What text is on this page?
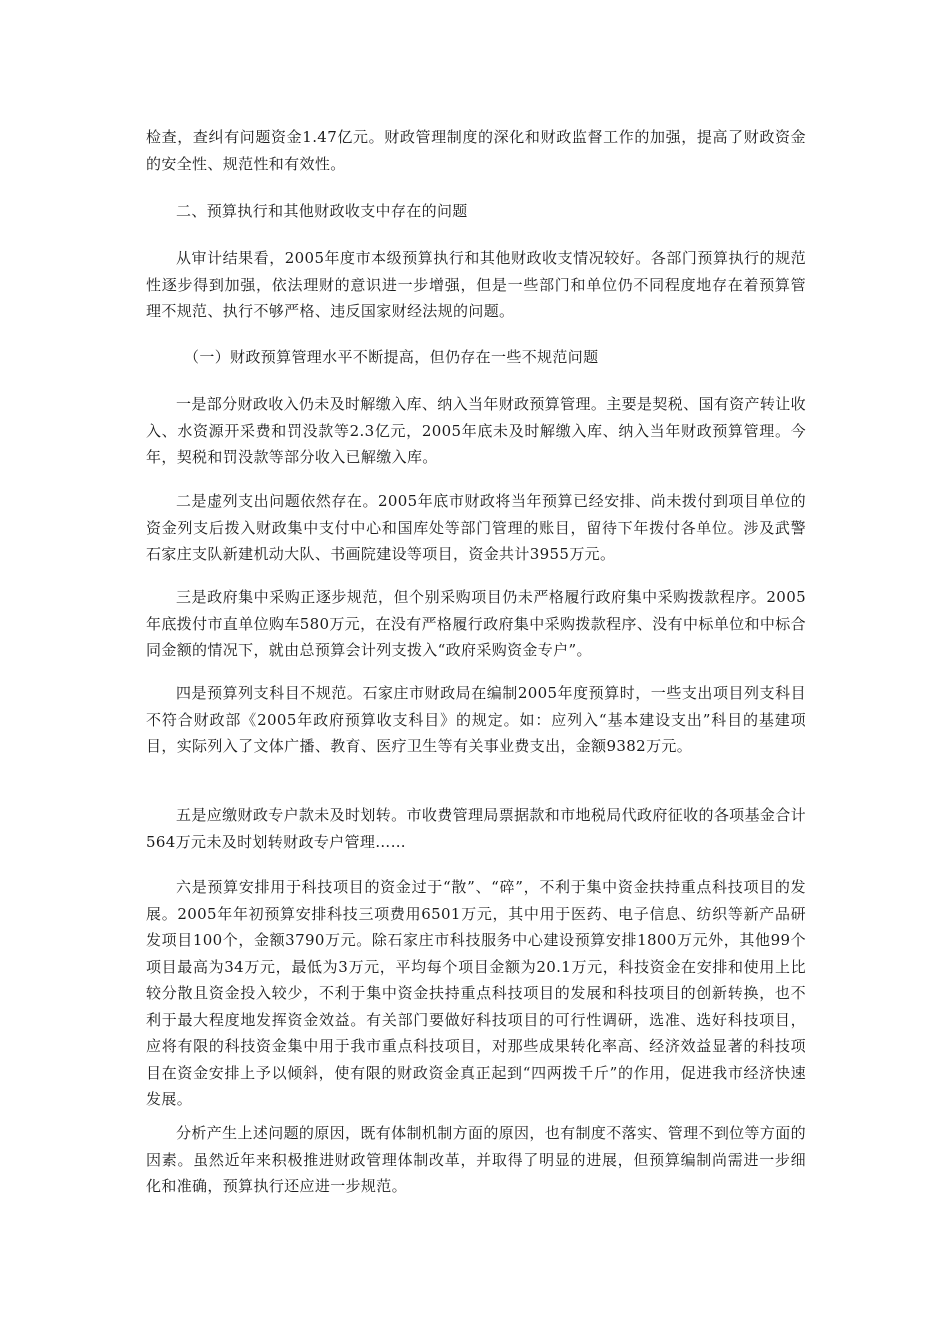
检查，查纠有问题资金1.47亿元。财政管理制度的深化和财政监督工作的加强，提高了财政资金的安全性、规范性和有效性。

二、预算执行和其他财政收支中存在的问题

从审计结果看，2005年度市本级预算执行和其他财政收支情况较好。各部门预算执行的规范性逐步得到加强，依法理财的意识进一步增强，但是一些部门和单位仍不同程度地存在着预算管理不规范、执行不够严格、违反国家财经法规的问题。

（一）财政预算管理水平不断提高，但仍存在一些不规范问题

一是部分财政收入仍未及时解缴入库、纳入当年财政预算管理。主要是契税、国有资产转让收入、水资源开采费和罚没款等2.3亿元，2005年底未及时解缴入库、纳入当年财政预算管理。今年，契税和罚没款等部分收入已解缴入库。

二是虚列支出问题依然存在。2005年底市财政将当年预算已经安排、尚未拨付到项目单位的资金列支后拨入财政集中支付中心和国库处等部门管理的账目，留待下年拨付各单位。涉及武警石家庄支队新建机动大队、书画院建设等项目，资金共计3955万元。

三是政府集中采购正逐步规范，但个别采购项目仍未严格履行政府集中采购拨款程序。2005年底拨付市直单位购车580万元，在没有严格履行政府集中采购拨款程序、没有中标单位和中标合同金额的情况下，就由总预算会计列支拨入“政府采购资金专户”。

四是预算列支科目不规范。石家庄市财政局在编制2005年度预算时，一些支出项目列支科目不符合财政部《2005年政府预算收支科目》的规定。如：应列入“基本建设支出”科目的基建项目，实际列入了文体广播、教育、医疗卫生等有关事业费支出，金额9382万元。

五是应缴财政专户款未及时划转。市收费管理局票据款和市地税局代政府征收的各项基金合计564万元未及时划转财政专户管理……

六是预算安排用于科技项目的资金过于“散”、“碎”，不利于集中资金扶持重点科技项目的发展。2005年年初预算安排科技三项费用6501万元，其中用于医药、电子信息、纺织等新产品研发项目100个，金额3790万元。除石家庄市科技服务中心建设预算安排1800万元外，其他99个项目最高为34万元，最低为3万元，平均每个项目金额为20.1万元，科技资金在安排和使用上比较分散且资金投入较少，不利于集中资金扶持重点科技项目的发展和科技项目的创新转换，也不利于最大程度地发挥资金效益。有关部门要做好科技项目的可行性调研，选准、选好科技项目，应将有限的科技资金集中用于我市重点科技项目，对那些成果转化率高、经济效益显著的科技项目在资金安排上予以倾斜，使有限的财政资金真正起到“四两拨千斤”的作用，促进我市经济快速发展。

分析产生上述问题的原因，既有体制机制方面的原因，也有制度不落实、管理不到位等方面的因素。虽然近年来积极推进财政管理体制改革，并取得了明显的进展，但预算编制尚需进一步细化和准确，预算执行还应进一步规范。
